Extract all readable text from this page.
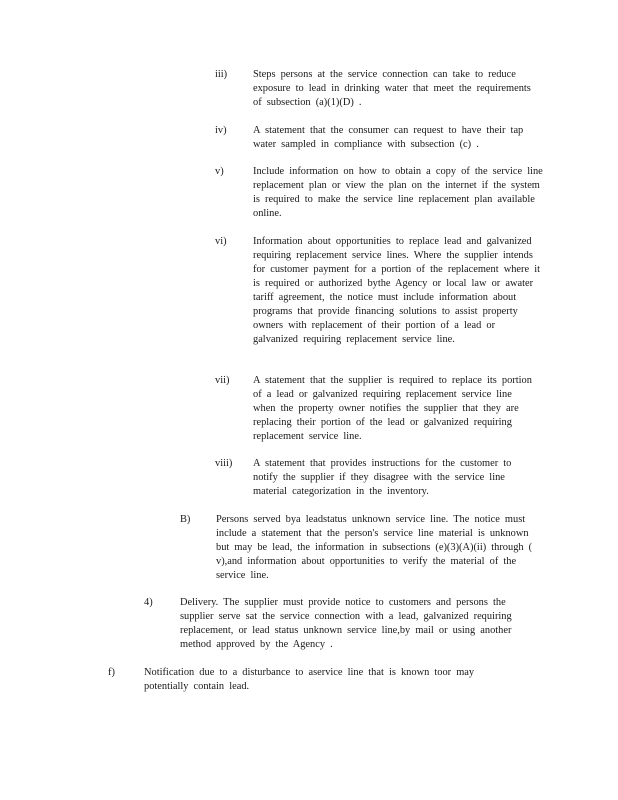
iii) Steps persons at the service connection can take to reduce exposure to lead in drinking water that meet the requirements of subsection (a)(1)(D) .
iv)	A statement that the consumer can request to have their tap water sampled in compliance with subsection (c) .
v)	Include information on how to obtain a copy of the service line replacement plan or view the plan on the internet if the system is required to make the service line replacement plan available online.
vi)	Information about opportunities to replace lead and galvanized requiring replacement service lines. Where the supplier intends for customer payment for a portion of the replacement where it is required or authorized bythe Agency or local law or awater tariff agreement, the notice must include information about programs that provide financing solutions to assist property owners with replacement of their portion of a lead or galvanized requiring replacement service line.
vii) A statement that the supplier is required to replace its portion of a lead or galvanized requiring replacement service line when the property owner notifies the supplier that they are replacing their portion of the lead or galvanized requiring replacement service line.
viii) A statement that provides instructions for the customer to notify the supplier if they disagree with the service line material categorization in the inventory.
B) Persons served bya leadstatus unknown service line. The notice must include a statement that the person's service line material is unknown but may be lead, the information in subsections (e)(3)(A)(ii) through ( v),and information about opportunities to verify the material of the service line.
4)	Delivery. The supplier must provide notice to customers and persons the supplier serve sat the service connection with a lead, galvanized requiring replacement, or lead status unknown service line,by mail or using another method approved by the Agency .
f)	Notification due to a disturbance to aservice line that is known toor may potentially contain lead.
